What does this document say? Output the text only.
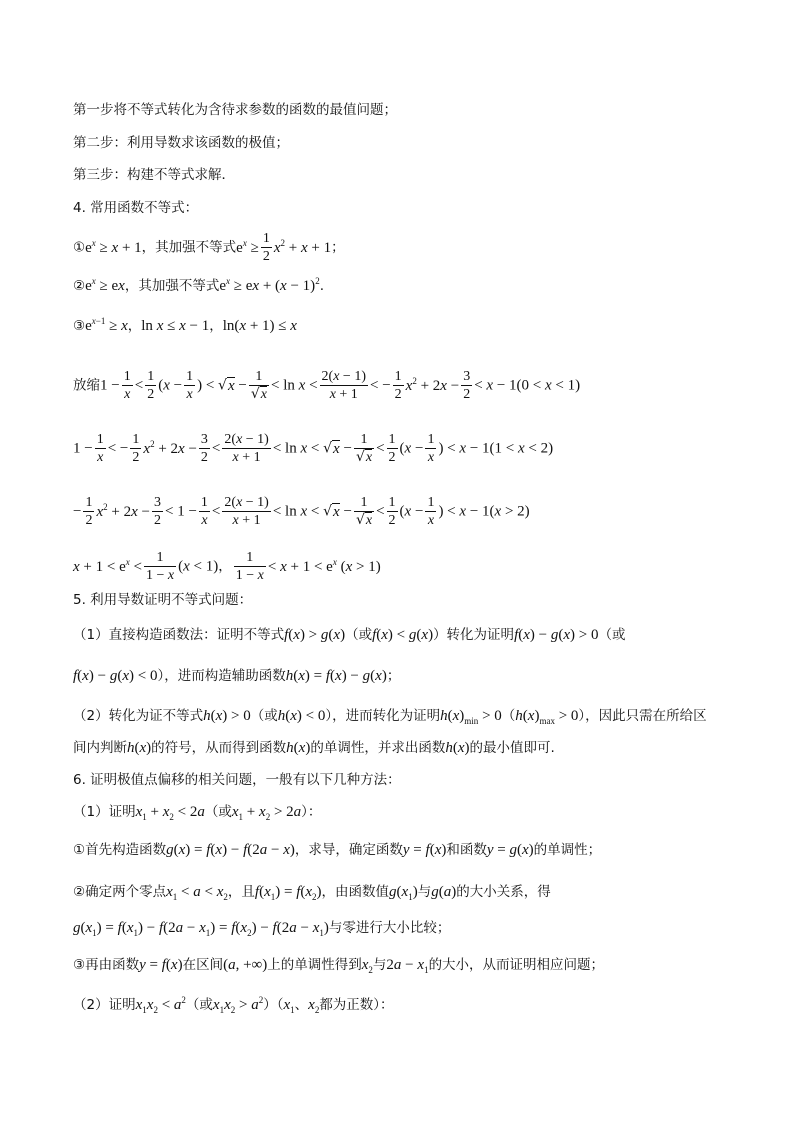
第一步将不等式转化为含待求参数的函数的最值问题；
第二步：利用导数求该函数的极值；
第三步：构建不等式求解．
4. 常用函数不等式：
$①e^x \ge x + 1$，其加强不等式$e^x \ge \frac{1}{2} x^2 + x + 1$；
$②e^x$ ≥ ex，其加强不等式$e^x$ ≥ ex + $(x - 1)^2$.
$③e^{x-1} \ge x$，ln x ≤ x − 1，ln(x + 1) ≤ x
放缩$1 - \frac{1}{x} < \frac{1}{2} (x - \frac{1}{x}$ ) < $√x - \frac{1}{√x} < \ln x < \frac{2(x - 1)}{x + 1}$ < − $\frac{1}{2} x^2 + 2x - \frac{3}{2} < x - 1(0 < x < 1)$
$1 - \frac{1}{x}$ < − $\frac{1}{2} x^2 + 2x - \frac{3}{2} < \frac{2(x - 1)}{x + 1} < \ln x < √x - \frac{1}{√x} < \frac{1}{2} (x - \frac{1}{x}$ ) < x − 1(1 < x < 2)
− $\frac{1}{2} x^2 + 2x - \frac{3}{2} < 1 - \frac{1}{x} < \frac{2(x - 1)}{x + 1} < \ln x < √x - \frac{1}{√x} < \frac{1}{2} (x - \frac{1}{x}$ ) < x − 1(x > 2)
$x + 1 < e^x < \frac{1}{1 - x} (x < 1)$， $\frac{1}{1 - x} < x + 1 < e^x$ (x > 1)
5. 利用导数证明不等式问题：
（1）直接构造函数法：证明不等式f(x) > g(x)（或f(x) < g(x)）转化为证明f(x) − g(x) > 0（或
f(x) − g(x) < 0），进而构造辅助函数h(x) = f(x) − g(x)；
（2）转化为证不等式h(x) > 0（或h(x) < 0），进而转化为证明$h(x)_{min} > 0(h(x)_{max} > 0)$，因此只需在所给区
间内判断h(x)的符号，从而得到函数h(x)的单调性，并求出函数h(x)的最小值即可.
6. 证明极值点偏移的相关问题，一般有以下几种方法：
（1）证明$x_1 + x_2 < 2a$（或$x_1 + x_2 > 2a$）：
①首先构造函数g(x) = f(x) − f(2a − x)，求导，确定函数y = f(x)和函数y = g(x)的单调性；
②确定两个零点$x_1 < a < x_2$，且$f(x_1) = f(x_2)$，由函数值$g(x_1)$与g(a)的大小关系，得
$g(x_1) = f(x_1) - f(2a - x_1) = f(x_2) - f(2a - x_1)$与零进行大小比较；
③再由函数y = f(x)在区间(a, +∞)上的单调性得到$x_2$与$2a - x_1$的大小，从而证明相应问题；
（2）证明$x_1x_2 < a^2$（或$x_1x_2 > a^2)(x_1$、$x_2$都为正数）：
